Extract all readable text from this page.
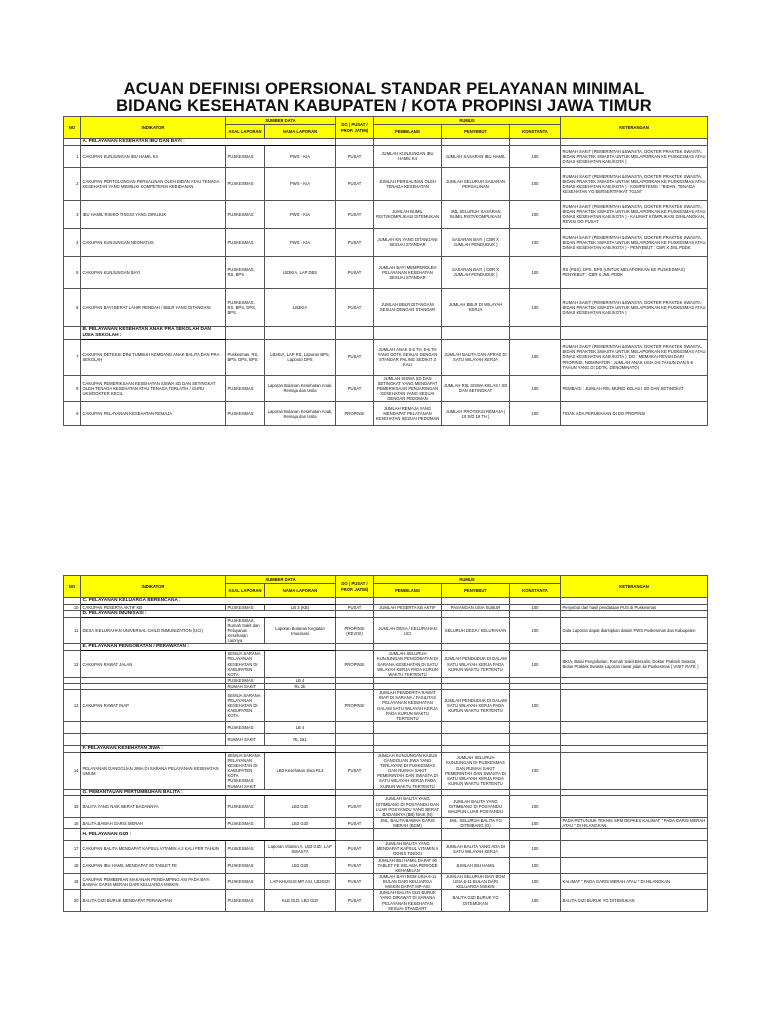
ACUAN DEFINISI OPERSIONAL STANDAR PELAYANAN MINIMAL
BIDANG KESEHATAN KABUPATEN / KOTA PROPINSI JAWA TIMUR
NO	INDIKATOR	SUMBER DATA		DO ( PUSAT / PROP. JATIM)	RUMUS			KETERANGAN
		ASAL LAPORAN	NAMA LAPORAN		PEMBILANG	PENYEBUT	KONSTANTA	
	A. PELAYANAN KESEHATAN IBU DAN BAYI :							
1	CAKUPAN KUNJUNGAN IBU HAMIL K4	PUSKESMAS	PWS - KIA	PUSAT	JUMLAH KUNJUNGAN IBU HAMIL K4	JUMLAH SASARAN IBU HAMIL	100	RUMAH SAKIT (PEMERINTAH &SWASTA, DOKTER PRAKTEK SWASTA, BIDAN PRAKTEK SWASTA UNTUK MELAPORKAN KE PUSKESMAS ATAU DINAS KESEHATAN KAB./KOTA )
2	CAKUPAN PERTOLONGAN PERSALINAN OLEH BIDAN ATAU TENAGA KESEHATAN YANG MEMILIKI KOMPETENSI KEBIDANAN	PUSKESMAS	PWS - KIA	PUSAT	JUMLAH PERSALINAN OLEH TENAGA KESEHATAN	JUMLAH SELURUH SASARAN PERSALINAN	100	RUMAH SAKIT (PEMERINTAH &SWASTA, DOKTER PRAKTEK SWASTA, BIDAN PRAKTEK SWASTA UNTUK MELAPORKAN KE PUSKESMAS ATAU DINAS KESEHATAN KAB./KOTA ) - KOMPETENSI : "BIDAN, TENAGA KESEHATAN YG BERSERTIFIKAT TGLM"
3	IBU HAMIL RISIKO TINGGI YANG DIRUJUK	PUSKESMAS	PWS - KIA	PUSAT	JUMLAH BUMIL RISTI/KOMPLIKASI DITEMUKAN	JML SELURUH SASARAN BUMIL RISTI/KOMPLIKASI	100	RUMAH SAKIT (PEMERINTAH &SWASTA, DOKTER PRAKTEK SWASTA, BIDAN PRAKTEK SWASTA UNTUK MELAPORKAN KE PUSKESMAS ATAU DINAS KESEHATAN KAB./KOTA ) - KALIMAT KOMPLIKASI DIHILANGKAN, REVISI DO PUSAT
4	CAKUPAN KUNJUNGAN NEONATUS	PUSKESMAS	PWS - KIA	PUSAT	JUMLAH KN YANG DITANGANI SESUAI STANDAR	SASARAN BAYI ( CBR X JUMLAH PENDUDUK )	100	RUMAH SAKIT (PEMERINTAH &SWASTA, DOKTER PRAKTEK SWASTA, BIDAN PRAKTEK SWASTA UNTUK MELAPORKAN KE PUSKESMAS ATAU DINAS KESEHATAN KAB./KOTA ) - PENYEBUT : CBR X JML PDDK
5	CAKUPAN KUNJUNGAN BAYI	PUSKESMAS, RS, BPS	LB3KIA, LAP DBS	PUSAT	JUMLAH BAYI MEMPEROLEH PELAYANAN KESEHATAN SESUAI STANDAR	SASARAN BAYI ( CBR X JUMLAH PENDUDUK )	100	RS (P&S), DPS, BPS (UNTUK MELAPORKAN KE PUSKESMAS) PENYEBUT : CBR X JML PDDK
6	CAKUPAN BAYI BERAT LAHIR RENDAH / BBLR YANG DITANGANI	PUSKESMAS, RS, BPS, DPS, BPS	LB3KIA	PUSAT	JUMLAH BBLR DITANGANI SESUAI DENGAN STANDAR	JUMLAH BBLR DI WILAYAH KERJA	100	RUMAH SAKIT (PEMERINTAH &SWASTA, DOKTER PRAKTEK SWASTA, BIDAN PRAKTEK SWASTA UNTUK MELAPORKAN KE PUSKESMAS ATAU DINAS KESEHATAN KAB./KOTA )
	B. PELAYANAN KESEHATAN ANAK PRA SEKOLAH DAN USIA SEKOLAH :							
7	CAKUPAN DETEKSI DINI TUMBUH KEMBANG ANAK BALITA DAN PRA SEKOLAH	Puskesmas, RS, BPS, DPS, BPS	LB3KIA, LAP RS, Laporan BPS, Laporan DPS	PUSAT	JUMLAH ANAK 0-6 TH, 5-6 TH YANG DDTK SESUAI DENGAN STANDAR PALING SEDIKIT 2 KALI	JUMLAH BALITA DAN APRAS DI SATU WILAYAH KERJA	100	RUMAH SAKIT (PEMERINTAH &SWASTA, DOKTER PRAKTEK SWASTA, BIDAN PRAKTEK SWASTA UNTUK MELAPORKAN KE PUSKESMAS ATAU DINAS KESEHATAN KAB./KOTA ), DO : MEMAKAI REVISI DARI PROPINSI, NOMINATOR : JUMLAH ANAK USIA 0-6 TAHUN DAN 5-6 TAHUN YANG DI DDTK, DENOMINATO)
8	CAKUPAN PEMERIKSAAN KESEHATAN SISWA SD DAN SETINGKAT OLEH TENAGA KESEHATAN ATAU TENAGA TERLATIH / GURU UKS/DOKTER KECIL	PUSKESMAS	Laporan Bulanan Kesehatan Anak, Remaja dan Usila	PUSAT	JUMLAH SISWA SD DAN SETINGKAT YANG MENDAPAT PEMERIKSAAN PENJARINGAN KESEHATAN YANG SESUAI DENGAN PEDOMAN	JUMLAH RIIL SISWA KELAS I SD DAN SETINGKAT	100	PEMBAGI : JUMLAH RIIL MURID KELAS I SD DAN SETINGKAT
9	CAKUPAN PELAYANAN KESEHATAN REMAJA	PUSKESMAS	Laporan Bulanan Kesehatan Anak, Remaja dan Usila	PROPINSI	JUMLAH REMAJA YANG MENDAPAT PELAYANAN KESEHATAN SESUAI PEDOMAN	JUMLAH PROYEKSI REMAJA ( 10 S/D 19 TH )	100	TIDAK ADA PERUBAHAN DI DO PROPINSI
NO	INDIKATOR	SUMBER DATA		DO ( PUSAT / PROP. JATIM)	RUMUS			KETERANGAN
		ASAL LAPORAN	NAMA LAPORAN		PEMBILANG	PENYEBUT	KONSTANTA	
	C. PELAYANAN KELUARGA BERENCANA :							
10	CAKUPAN PESERTA AKTIF KB	PUSKESMAS	LB 3 (KB)	PUSAT	JUMLAH PESERTA KB AKTIF	PASANGAN USIA SUBUR	100	Penyebut dari hasil pendataan PUS di Puskesmas
	D. PELAYANAN IMUNISASI :							
11	DESA /KELURAHAN UNIVERSAL CHILD IMMUNIZATION (UCI)	PUSKESMAS, Rumah Sakit dan Pelayanan Kesehatan Lainnya	Laporan Bulanan Kegiatan Imunisasi	PROPINSI (REVISI)	JUMLAH DESA / KELURAHAN UCI	SELURUH DESA / KELURAHAN	100	Data Laporan dapat diarsipkan dalam PWS Puskesmas dan Kabupaten
	E. PELAYANAN PENGOBATAN / PERAWATAN :							
12	CAKUPAN RAWAT JALAN	SEMUA SARANA PELAYANAN KESEHATAN DI KABUPATEN KOTA		PROPINSI	JUMLAH SELURUH KUNJUNGAN PENGOBATAN DI SARANA KESEHATAN DI SATU WILAYAH KERJA PADA KURUN WAKTU TERTENTU	JUMLAH PENDUDUK DI DALAM SATU WILAYAH KERJA PADA KURUN WAKTU TERTENTU	100	BKIA, Balai Pengobatan, Rumah Sakit Bersalin, Dokter Praktek Swasta, Bidan Praktek Swasta Laporan rawat jalan ke Puskesmas ( VISIT RATE )
		PUSKESMAS	LB 4					
		RUMAH SAKIT	RL 2b					
13	CAKUPAN RAWAT INAP	SEMUA SARANA PELAYANAN KESEHATAN DI KABUPATEN KOTA		PROPINSI	JUMLAH PENDERITA RAWAT INAP DI SARANA / FASILITAS PELAYANAN KESEHATAN DALAM SATU WILAYAH KERJA PADA KURUN WAKTU TERTENTU	JUMLAH PENDUDUK DI DALAM SATU WILAYAH KERJA PADA KURUN WAKTU TERTENTU	100	
		PUSKESMAS	LB 4					
		RUMAH SAKIT	RL 2a1					
	F. PELAYANAN KESEHATAN JIWA :							
14	PELAYANAN GANGGUAN JIWA DI SARANA PELAYANAN KESEHATAN UMUM	SEMUA SARANA PELAYANAN KESEHATAN DI KABUPATEN KOTA PUSKESMAS RUMAH SAKIT	LB3 Kesehatan Jiwa RL3	PUSAT	JUMLAH KUNJUNGAN KASUS GANGGUAN JIWA YANG TERLAYANI DI PUSKESMAS DAN RUMAH SAKIT PEMERINTAH DAN SWASTA DI SATU WILAYAH KERJA PADA KURUN WAKTU TERTENTU	JUMLAH SELURUH KUNJUNGAN DI PUSKESMAS DAN RUMAH SAKIT PEMERINTAH DAN SWASTA DI SATU WILAYAH KERJA PADA KURUN WAKTU TERTENTU	100	
	G. PEMANTAUAN PERTUMBUHAN BALITA :							
15	BALITA YANG NAIK BERAT BADANNYA	PUSKESMAS	LB3 GIZI	PUSAT	JUMLAH BALITA YANG DITIMBANG DI POSYANDU DAN LUAR POSYANDU YANG BERAT BADANNYA (BB) NAIK (N)	JUMLAH BALITA YANG DITIMBANG DI POSYANDU MAUPUN LUAR POSYANDU	100	
16	BALITA BAWAH GARIS MERAH	PUSKESMAS	LB3 GIZI	PUSAT	JML. BALITA BAWAH GARIS MERAH (BGM)	JML. SELURUH BALITA YG DITIMBANG (D)	100	PADA PETUNJUK TEKNIS SPM DEPKES KALIMAT " PADA GARIS MERAH ATAU " DI HILANGKAN
	H. PELAYANAN GIZI :							
17	CAKUPAN BALITA MENDAPAT KAPSUL VITAMIN A 2 KALI PER TAHUN	PUSKESMAS	Laporan Vitamin A, LB3 GIZI, LAP SWASTA	PUSAT	JUMLAH BALITA YANG MENDAPAT KAPSUL VITAMIN A DOSIS TINGGI	JUMLAH BALITA YANG ADA DI SATU WILAYAH KERJA	100	
18	CAKUPAN IBU HAMIL MENDAPAT 90 TABLET FE	PUSKESMAS	LB3 GIZI	PUSAT	JUMLAH IBU HAMIL DAPAT 90 TABLET FE SELAMA PERIODE KEHAMILAN	JUMLAH IBU HAMIL	100	
19	CAKUPAN PEMBERIAN MAKANAN PENDAMPING ASI PADA BAYI BAWAH GARIS MERAH DARI KELUARGA MISKIN	PUSKESMAS	LAP KHUSUS MP ASI, LB3GIZI	PUSAT	JUMLAH BAYI BGM USIA 6-11 BULAN DARI KELUARGA MISKIN DAPAT MP-ASI	JUMLAH SELURUH BAYI BGM USIA 6-11 BULAN DARI KELUARGA MISKIN	100	KALIMAT " PADA GARIS MERAH ATAU " DI HILANGKAN
20	BALITA GIZI BURUK MENDAPAT PERAWATAN	PUSKESMAS	KLB GIZI, LB3 GIZI	PUSAT	JUMLAH BALITA GIZI BURUK YANG DIRAWAT DI SARANA PELAYANAN KESEHATAN SESUAI STANDART	BALITA GIZI BURUK YG DITEMUKAN	100	BALITA GIZI BURUK YG DITEMUKAN
